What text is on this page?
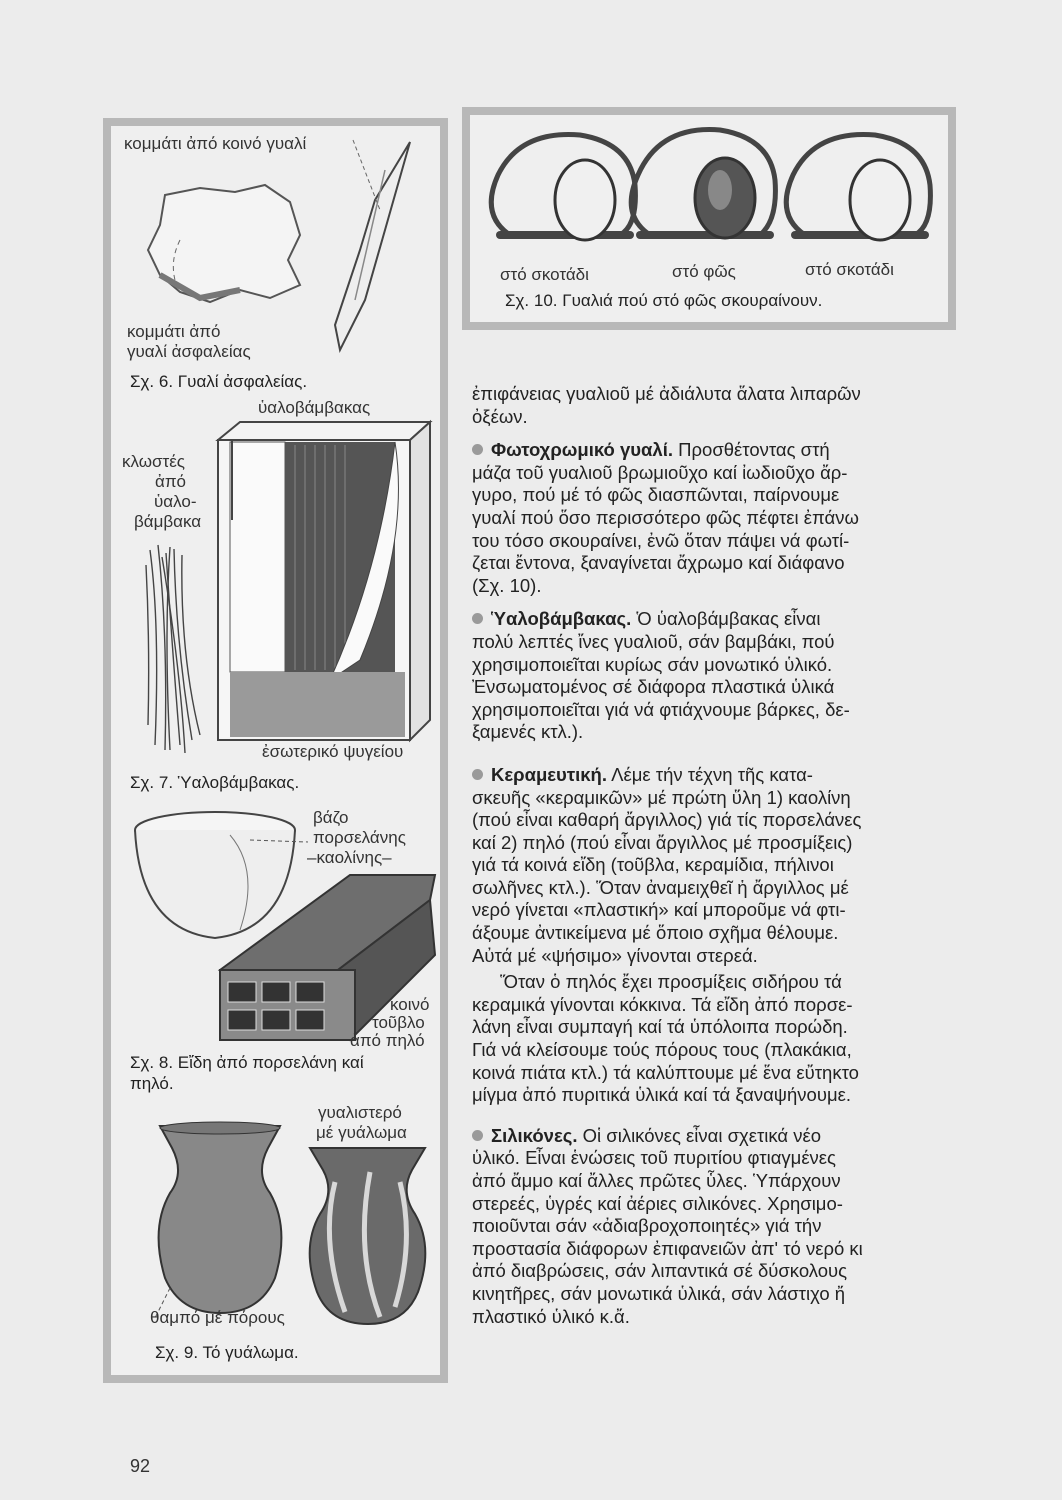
κομμάτι ἀπό κοινό γυαλί
κομμάτι ἀπό
γυαλί ἀσφαλείας
Σχ. 6. Γυαλί ἀσφαλείας.
ὑαλοβάμβακας
κλωστές
ἀπό
ὑαλο-
βάμβακα
ἐσωτερικό ψυγείου
Σχ. 7. Ὑαλοβάμβακας.
βάζο
πορσελάνης
–καολίνης–
κοινό
τοῦβλο
ἀπό πηλό
Σχ. 8. Εἴδη ἀπό πορσελάνη καί
πηλό.
γυαλιστερό
μέ γυάλωμα
θαμπό μέ πόρους
Σχ. 9. Τό γυάλωμα.
στό σκοτάδι	στό φῶς	στό σκοτάδι
Σχ. 10. Γυαλιά πού στό φῶς σκουραίνουν.

ἐπιφάνειας γυαλιοῦ μέ ἀδιάλυτα ἅλατα λιπαρῶν

ὀξέων.

Φωτοχρωμικό γυαλί. Προσθέτοντας στή

μάζα τοῦ γυαλιοῦ βρωμιοῦχο καί ἰωδιοῦχο ἄρ-

γυρο, πού μέ τό φῶς διασπῶνται, παίρνουμε

γυαλί πού ὅσο περισσότερο φῶς πέφτει ἐπάνω

του τόσο σκουραίνει, ἐνῶ ὅταν πάψει νά φωτί-

ζεται ἔντονα, ξαναγίνεται ἄχρωμο καί διάφανο

(Σχ. 10).

Ὑαλοβάμβακας. Ὁ ὑαλοβάμβακας εἶναι

πολύ λεπτές ἴνες γυαλιοῦ, σάν βαμβάκι, πού

χρησιμοποιεῖται κυρίως σάν μονωτικό ὑλικό.

Ἐνσωματομένος σέ διάφορα πλαστικά ὑλικά

χρησιμοποιεῖται γιά νά φτιάχνουμε βάρκες, δε-

ξαμενές κτλ.).

Κεραμευτική. Λέμε τήν τέχνη τῆς κατα-

σκευῆς «κεραμικῶν» μέ πρώτη ὕλη 1) καολίνη

(πού εἶναι καθαρή ἄργιλλος) γιά τίς πορσελάνες

καί 2) πηλό (πού εἶναι ἄργιλλος μέ προσμίξεις)

γιά τά κοινά εἴδη (τοῦβλα, κεραμίδια, πήλινοι

σωλῆνες κτλ.). Ὅταν ἀναμειχθεῖ ἡ ἄργιλλος μέ

νερό γίνεται «πλαστική» καί μποροῦμε νά φτι-

άξουμε ἀντικείμενα μέ ὅποιο σχῆμα θέλουμε.

Αὐτά μέ «ψήσιμο» γίνονται στερεά.

Ὅταν ὁ πηλός ἔχει προσμίξεις σιδήρου τά

κεραμικά γίνονται κόκκινα. Τά εἴδη ἀπό πορσε-

λάνη εἶναι συμπαγή καί τά ὑπόλοιπα πορώδη.

Γιά νά κλείσουμε τούς πόρους τους (πλακάκια,

κοινά πιάτα κτλ.) τά καλύπτουμε μέ ἕνα εὔτηκτο

μίγμα ἀπό πυριτικά ὑλικά καί τά ξαναψήνουμε.

Σιλικόνες. Οἱ σιλικόνες εἶναι σχετικά νέο

ὑλικό. Εἶναι ἑνώσεις τοῦ πυριτίου φτιαγμένες

ἀπό ἄμμο καί ἄλλες πρῶτες ὗλες. Ὑπάρχουν

στερεές, ὑγρές καί ἀέριες σιλικόνες. Χρησιμο-

ποιοῦνται σάν «ἀδιαβροχοποιητές» γιά τήν

προστασία διάφορων ἐπιφανειῶν ἀπ' τό νερό κι

ἀπό διαβρώσεις, σάν λιπαντικά σέ δύσκολους

κινητῆρες, σάν μονωτικά ὑλικά, σάν λάστιχο ἤ

πλαστικό ὑλικό κ.ἄ.

92
